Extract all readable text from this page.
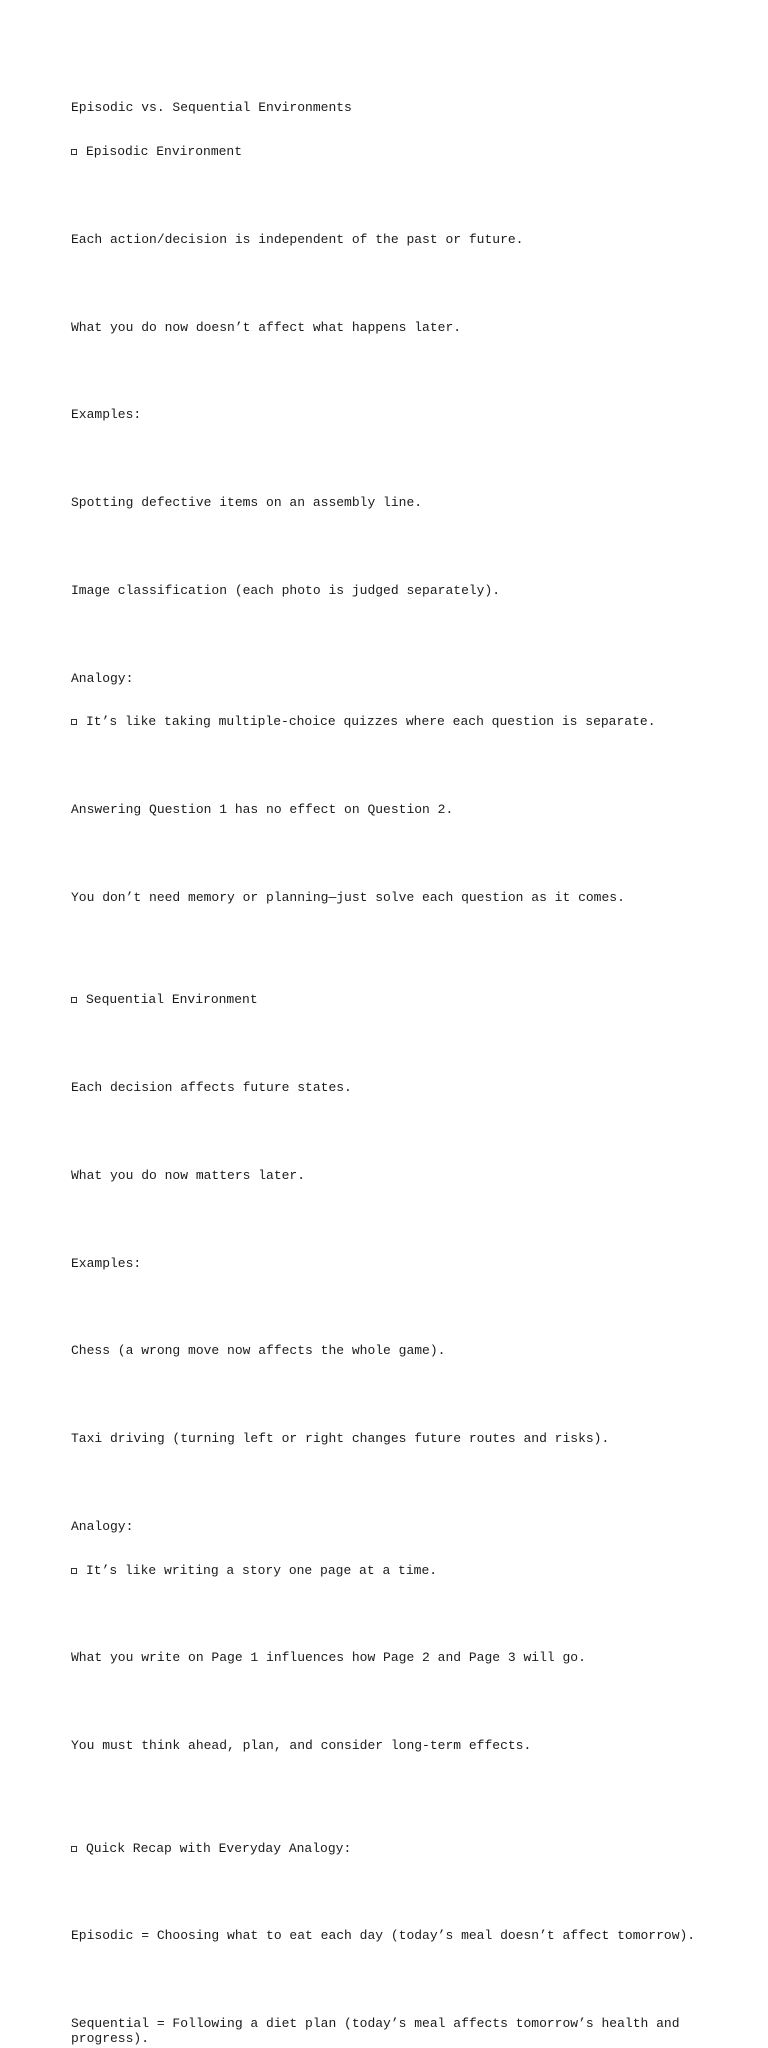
Episodic vs. Sequential Environments

Episodic Environment

Each action/decision is independent of the past or future.

What you do now doesn’t affect what happens later.

Examples:

Spotting defective items on an assembly line.

Image classification (each photo is judged separately).

Analogy:

It’s like taking multiple-choice quizzes where each question is separate.

Answering Question 1 has no effect on Question 2.

You don’t need memory or planning—just solve each question as it comes.

Sequential Environment

Each decision affects future states.

What you do now matters later.

Examples:

Chess (a wrong move now affects the whole game).

Taxi driving (turning left or right changes future routes and risks).

Analogy:

It’s like writing a story one page at a time.

What you write on Page 1 influences how Page 2 and Page 3 will go.

You must think ahead, plan, and consider long-term effects.

Quick Recap with Everyday Analogy:

Episodic = Choosing what to eat each day (today’s meal doesn’t affect tomorrow).

Sequential = Following a diet plan (today’s meal affects tomorrow’s health and progress).
